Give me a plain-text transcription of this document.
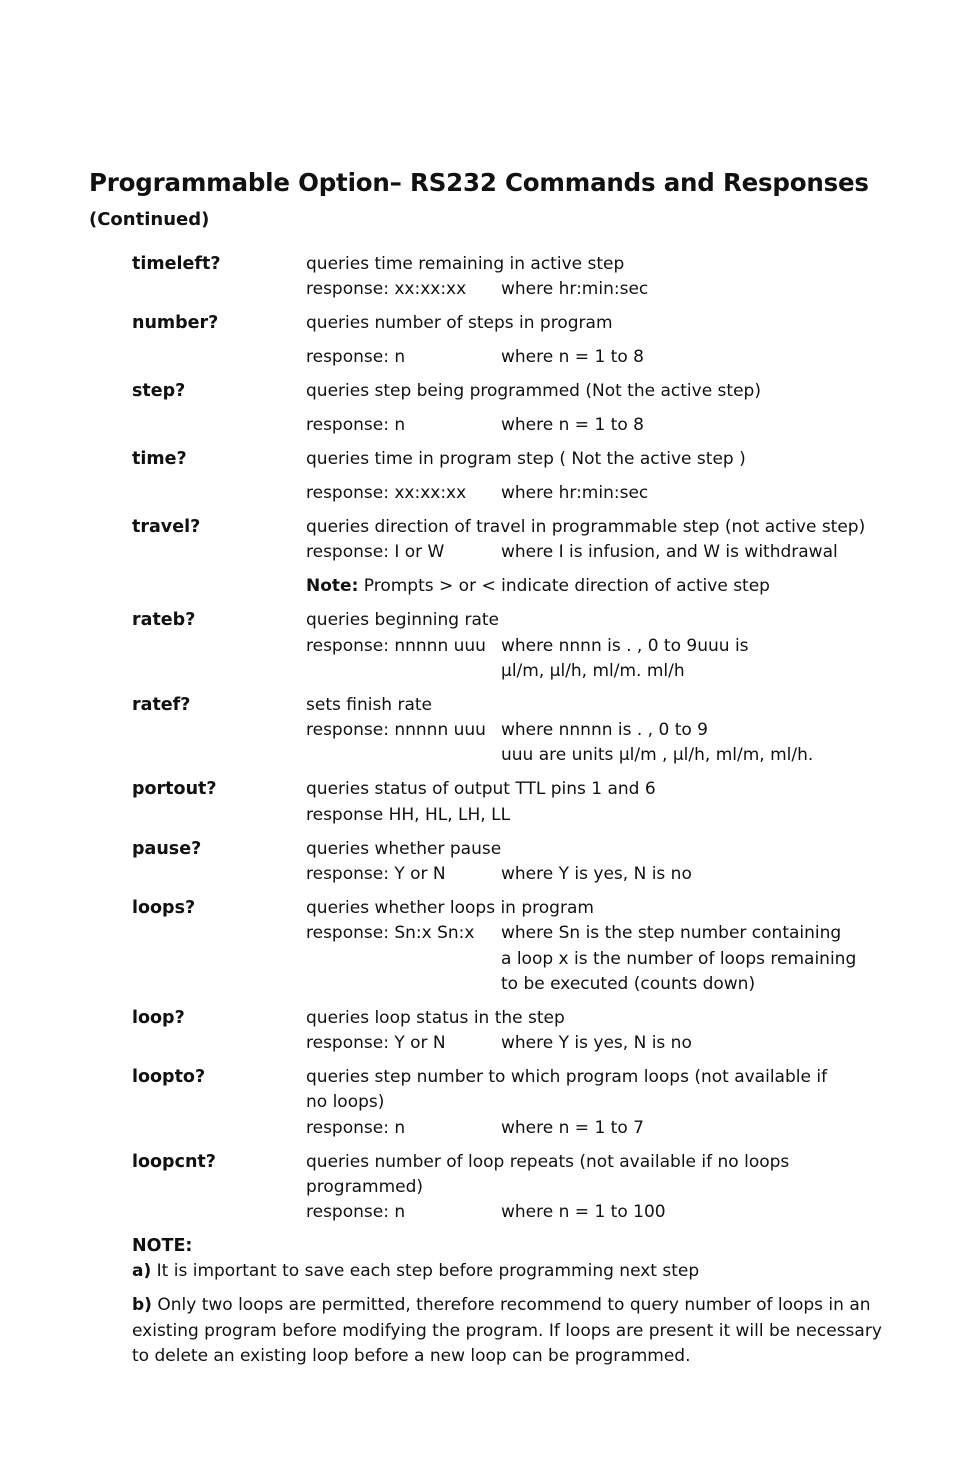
Programmable Option– RS232 Commands and Responses
(Continued)
timeleft?	queries time remaining in active step
response: xx:xx:xx where hr:min:sec
number?	queries number of steps in program
response: n	where n = 1 to 8
step?	queries step being programmed (Not the active step)
response: n	where n = 1 to 8
time?	queries time in program step ( Not the active step )
response: xx:xx:xx where hr:min:sec
travel?	queries direction of travel in programmable step (not active step)
response: I or W	where I is infusion, and W is withdrawal
Note: Prompts > or < indicate direction of active step
rateb?	queries beginning rate
response: nnnnn uuu where nnnn is . , 0 to 9uuu is
µl/m, µl/h, ml/m. ml/h
ratef?	sets finish rate
response: nnnnn uuu where nnnnn is . , 0 to 9
uuu are units µl/m , µl/h, ml/m, ml/h.
portout?	queries status of output TTL pins 1 and 6
response HH, HL, LH, LL
pause?	queries whether pause
response: Y or N	where Y is yes, N is no
loops?	queries whether loops in program
response: Sn:x Sn:x where Sn is the step number containing
a loop x is the number of loops remaining
to be executed (counts down)
loop?	queries loop status in the step
response: Y or N	where Y is yes, N is no
loopto?	queries step number to which program loops (not available if
no loops)
response: n	where n = 1 to 7
loopcnt?	queries number of loop repeats (not available if no loops
programmed)
response: n	where n = 1 to 100
NOTE:
a) It is important to save each step before programming next step
b) Only two loops are permitted, therefore recommend to query number of loops in an
existing program before modifying the program. If loops are present it will be necessary
to delete an existing loop before a new loop can be programmed.
